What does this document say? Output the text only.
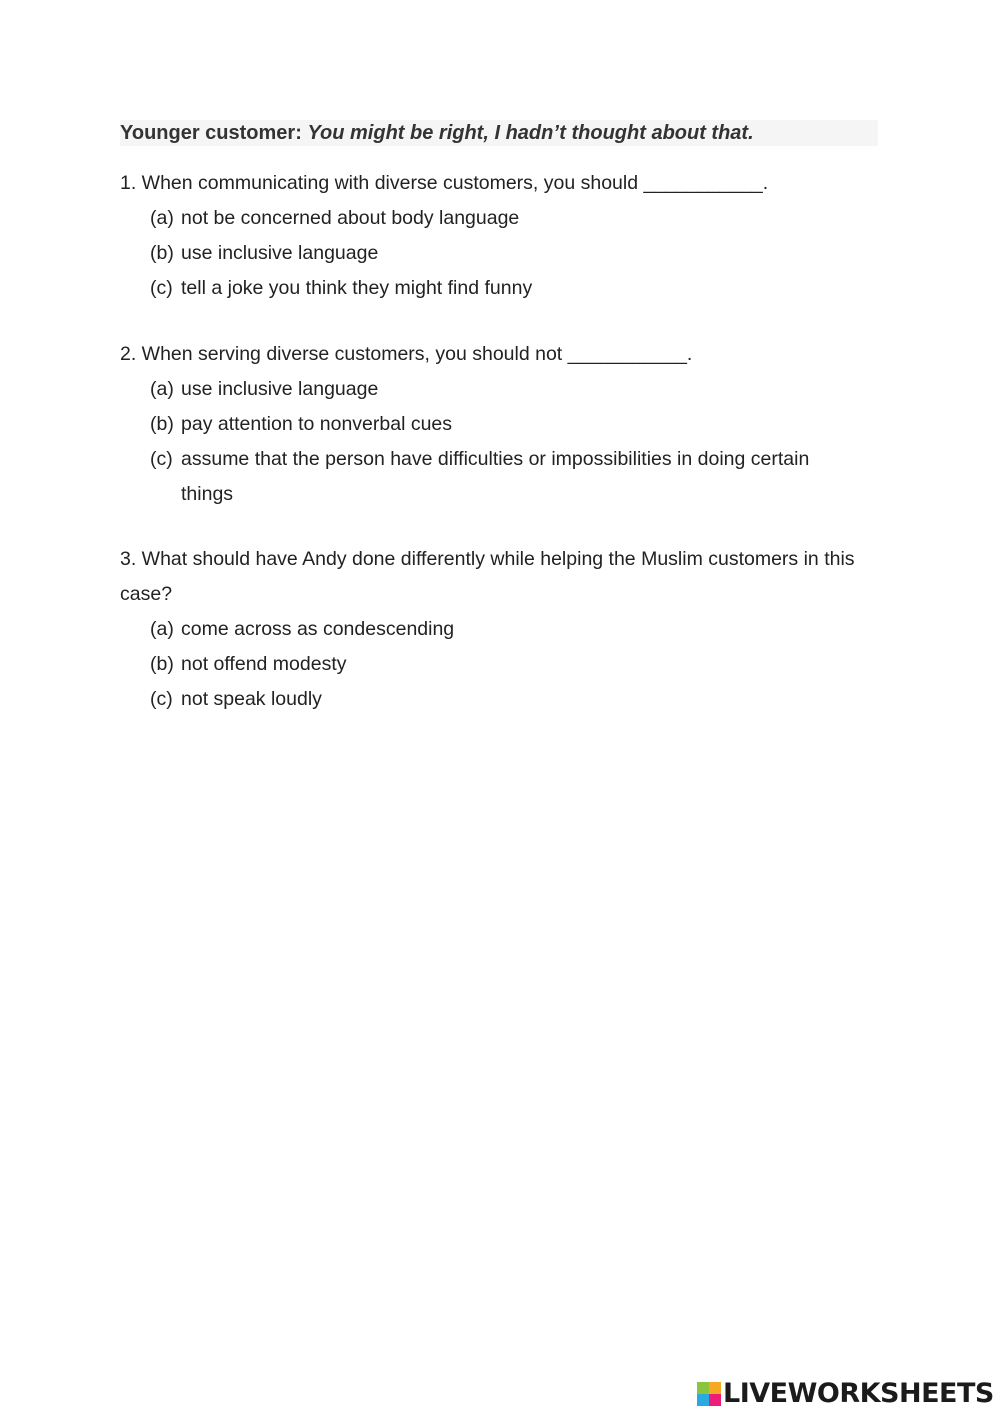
Younger customer: You might be right, I hadn’t thought about that.
1. When communicating with diverse customers, you should ___________.
(a) not be concerned about body language
(b) use inclusive language
(c) tell a joke you think they might find funny
2. When serving diverse customers, you should not ___________.
(a) use inclusive language
(b) pay attention to nonverbal cues
(c) assume that the person have difficulties or impossibilities in doing certain things
3. What should have Andy done differently while helping the Muslim customers in this case?
(a) come across as condescending
(b) not offend modesty
(c) not speak loudly
LIVEWORKSHEETS
